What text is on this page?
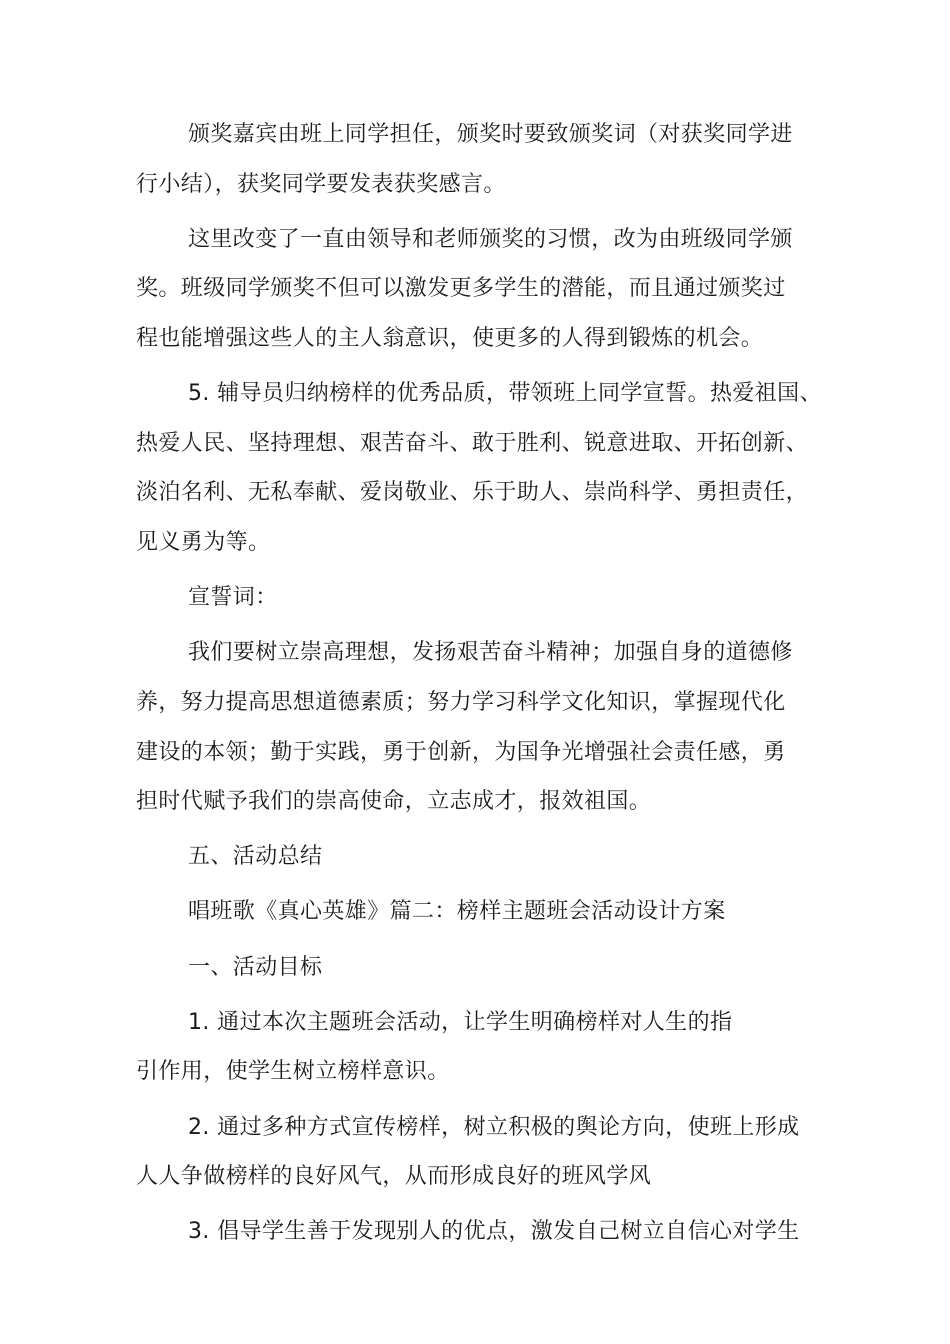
颁奖嘉宾由班上同学担任，颁奖时要致颁奖词（对获奖同学进
行小结），获奖同学要发表获奖感言。
这里改变了一直由领导和老师颁奖的习惯，改为由班级同学颁
奖。班级同学颁奖不但可以激发更多学生的潜能，而且通过颁奖过
程也能增强这些人的主人翁意识，使更多的人得到锻炼的机会。
5. 辅导员归纳榜样的优秀品质，带领班上同学宣誓。热爱祖国、
热爱人民、坚持理想、艰苦奋斗、敢于胜利、锐意进取、开拓创新、
淡泊名利、无私奉献、爱岗敬业、乐于助人、崇尚科学、勇担责任，
见义勇为等。
宣誓词：
我们要树立崇高理想，发扬艰苦奋斗精神；加强自身的道德修
养，努力提高思想道德素质；努力学习科学文化知识，掌握现代化
建设的本领；勤于实践，勇于创新，为国争光增强社会责任感，勇
担时代赋予我们的崇高使命，立志成才，报效祖国。
五、活动总结
唱班歌《真心英雄》篇二：榜样主题班会活动设计方案
一、活动目标
1. 通过本次主题班会活动，让学生明确榜样对人生的指
引作用，使学生树立榜样意识。
2. 通过多种方式宣传榜样，树立积极的舆论方向，使班上形成
人人争做榜样的良好风气，从而形成良好的班风学风
3. 倡导学生善于发现别人的优点，激发自己树立自信心对学生
